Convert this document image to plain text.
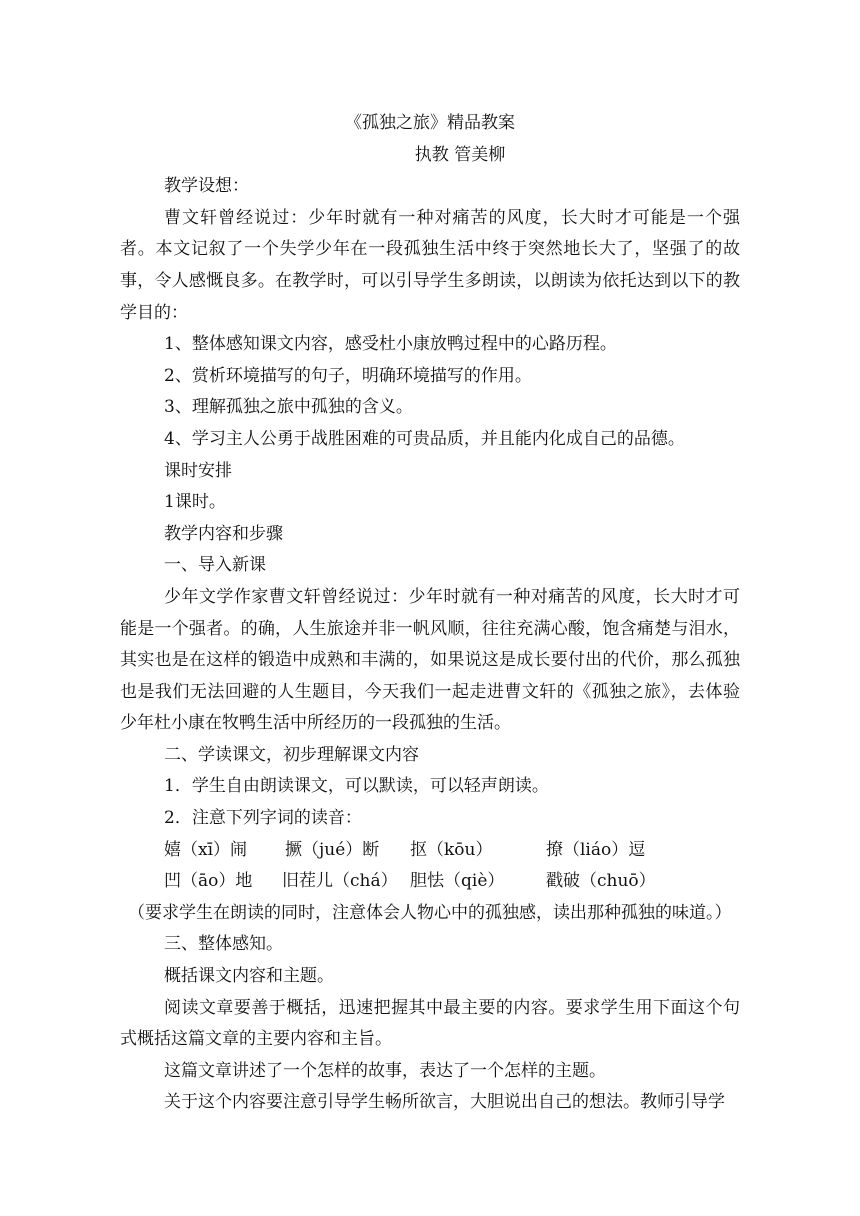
《孤独之旅》精品教案
执教 管美柳
教学设想：

曹文轩曾经说过：少年时就有一种对痛苦的风度，长大时才可能是一个强者。本文记叙了一个失学少年在一段孤独生活中终于突然地长大了，坚强了的故事，令人感慨良多。在教学时，可以引导学生多朗读，以朗读为依托达到以下的教学目的：

1、整体感知课文内容，感受杜小康放鸭过程中的心路历程。
2、赏析环境描写的句子，明确环境描写的作用。
3、理解孤独之旅中孤独的含义。
4、学习主人公勇于战胜困难的可贵品质，并且能内化成自己的品德。
课时安排
1课时。
教学内容和步骤
一、导入新课

少年文学作家曹文轩曾经说过：少年时就有一种对痛苦的风度，长大时才可能是一个强者。的确，人生旅途并非一帆风顺，往往充满心酸，饱含痛楚与泪水，其实也是在这样的锻造中成熟和丰满的，如果说这是成长要付出的代价，那么孤独也是我们无法回避的人生题目，今天我们一起走进曹文轩的《孤独之旅》，去体验少年杜小康在牧鸭生活中所经历的一段孤独的生活。

二、学读课文，初步理解课文内容
1．学生自由朗读课文，可以默读，可以轻声朗读。
2．注意下列字词的读音：
嬉（xī）闹 撅（jué）断 抠（kōu）	撩（liáo）逗
凹（āo）地 旧茬儿（chá） 胆怯（qiè） 戳破（chuō）

（要求学生在朗读的同时，注意体会人物心中的孤独感，读出那种孤独的味道。）

三、整体感知。
概括课文内容和主题。

阅读文章要善于概括，迅速把握其中最主要的内容。要求学生用下面这个句式概括这篇文章的主要内容和主旨。

这篇文章讲述了一个怎样的故事，表达了一个怎样的主题。
关于这个内容要注意引导学生畅所欲言，大胆说出自己的想法。教师引导学
